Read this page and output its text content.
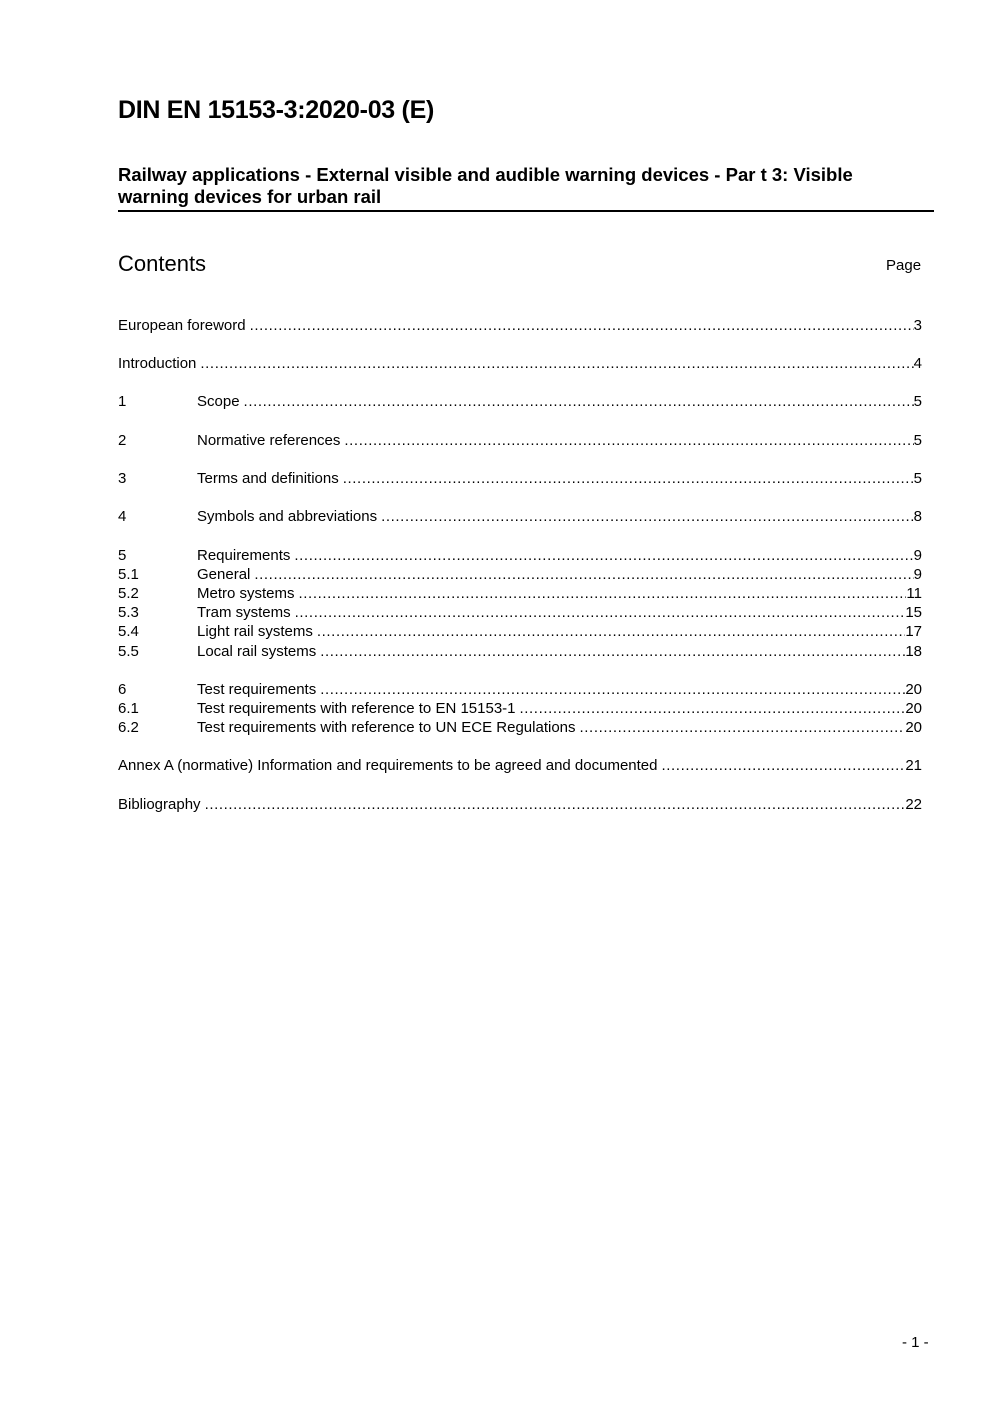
DIN EN 15153-3:2020-03 (E)
Railway applications - External visible and audible warning devices - Par t 3: Visible warning devices for urban rail
Contents	Page
European foreword .....	3
Introduction .....	4
1	Scope .....	5
2	Normative references .....	5
3	Terms and definitions .....	5
4	Symbols and abbreviations .....	8
5	Requirements .....	9
5.1	General .....	9
5.2	Metro systems .....	11
5.3	Tram systems .....	15
5.4	Light rail systems .....	17
5.5	Local rail systems .....	18
6	Test requirements .....	20
6.1	Test requirements with reference to EN 15153-1 .....	20
6.2	Test requirements with reference to UN ECE Regulations .....	20
Annex A (normative) Information and requirements to be agreed and documented .....	21
Bibliography .....	22
- 1 -
